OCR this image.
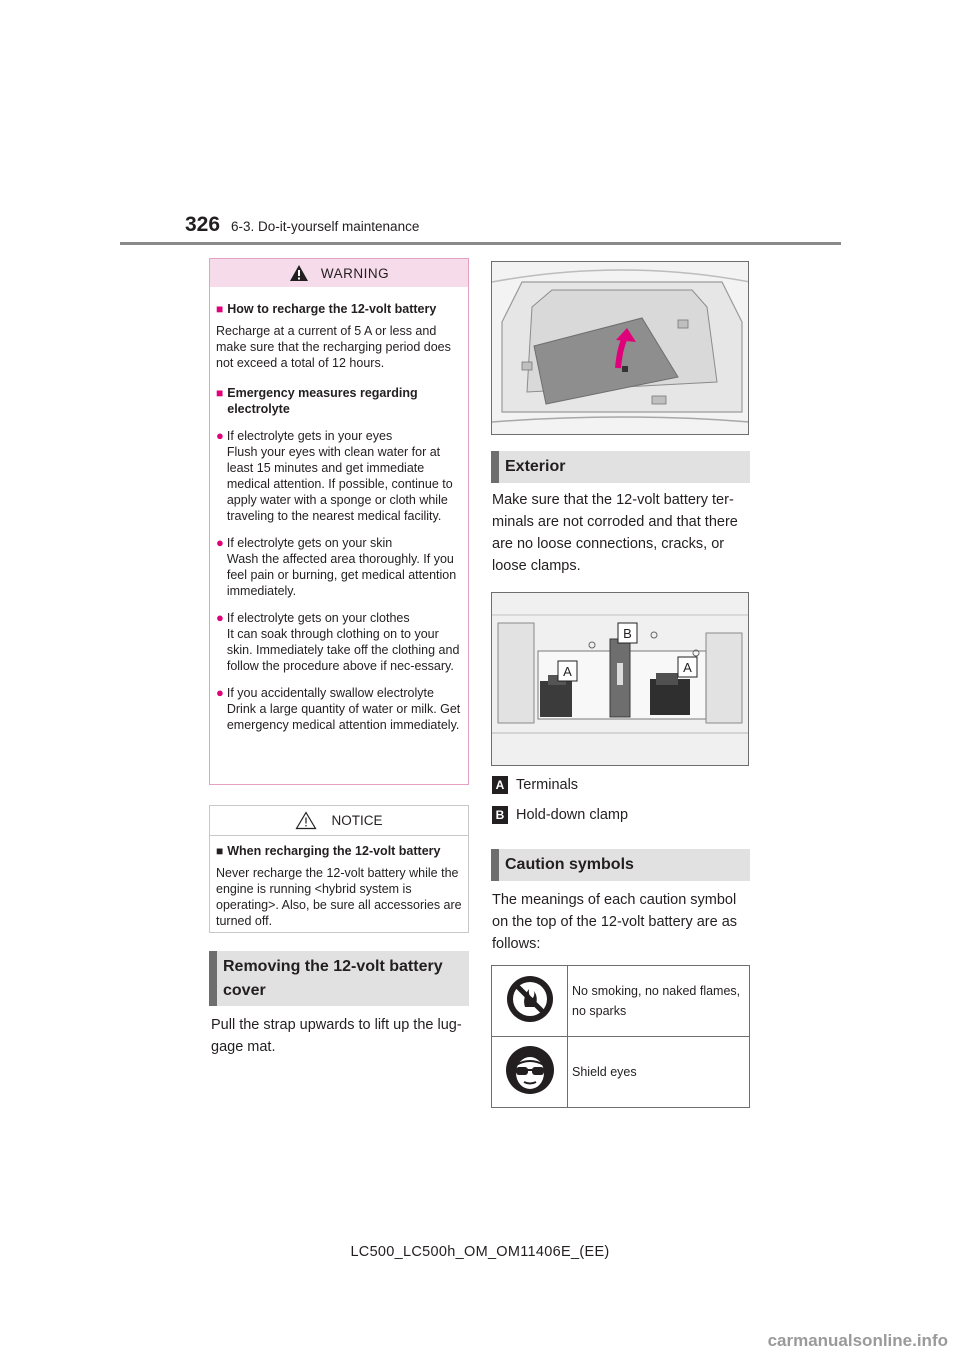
326 6-3. Do-it-yourself maintenance
WARNING
■ How to recharge the 12-volt battery
Recharge at a current of 5 A or less and make sure that the recharging period does not exceed a total of 12 hours.
■ Emergency measures regarding electrolyte
● If electrolyte gets in your eyes
Flush your eyes with clean water for at least 15 minutes and get immediate medical attention. If possible, continue to apply water with a sponge or cloth while traveling to the nearest medical facility.
● If electrolyte gets on your skin
Wash the affected area thoroughly. If you feel pain or burning, get medical attention immediately.
● If electrolyte gets on your clothes
It can soak through clothing on to your skin. Immediately take off the clothing and follow the procedure above if nec-essary.
● If you accidentally swallow electrolyte
Drink a large quantity of water or milk. Get emergency medical attention immediately.
NOTICE
■ When recharging the 12-volt battery
Never recharge the 12-volt battery while the engine is running <hybrid system is operating>. Also, be sure all accessories are turned off.
Removing the 12-volt battery cover
Pull the strap upwards to lift up the lug-gage mat.
Exterior
Make sure that the 12-volt battery ter-minals are not corroded and that there are no loose connections, cracks, or loose clamps.
B
A	A
A Terminals
B Hold-down clamp
Caution symbols
The meanings of each caution symbol on the top of the 12-volt battery are as follows:
	No smoking, no naked flames, no sparks
	Shield eyes
LC500_LC500h_OM_OM11406E_(EE)
carmanualsonline.info
